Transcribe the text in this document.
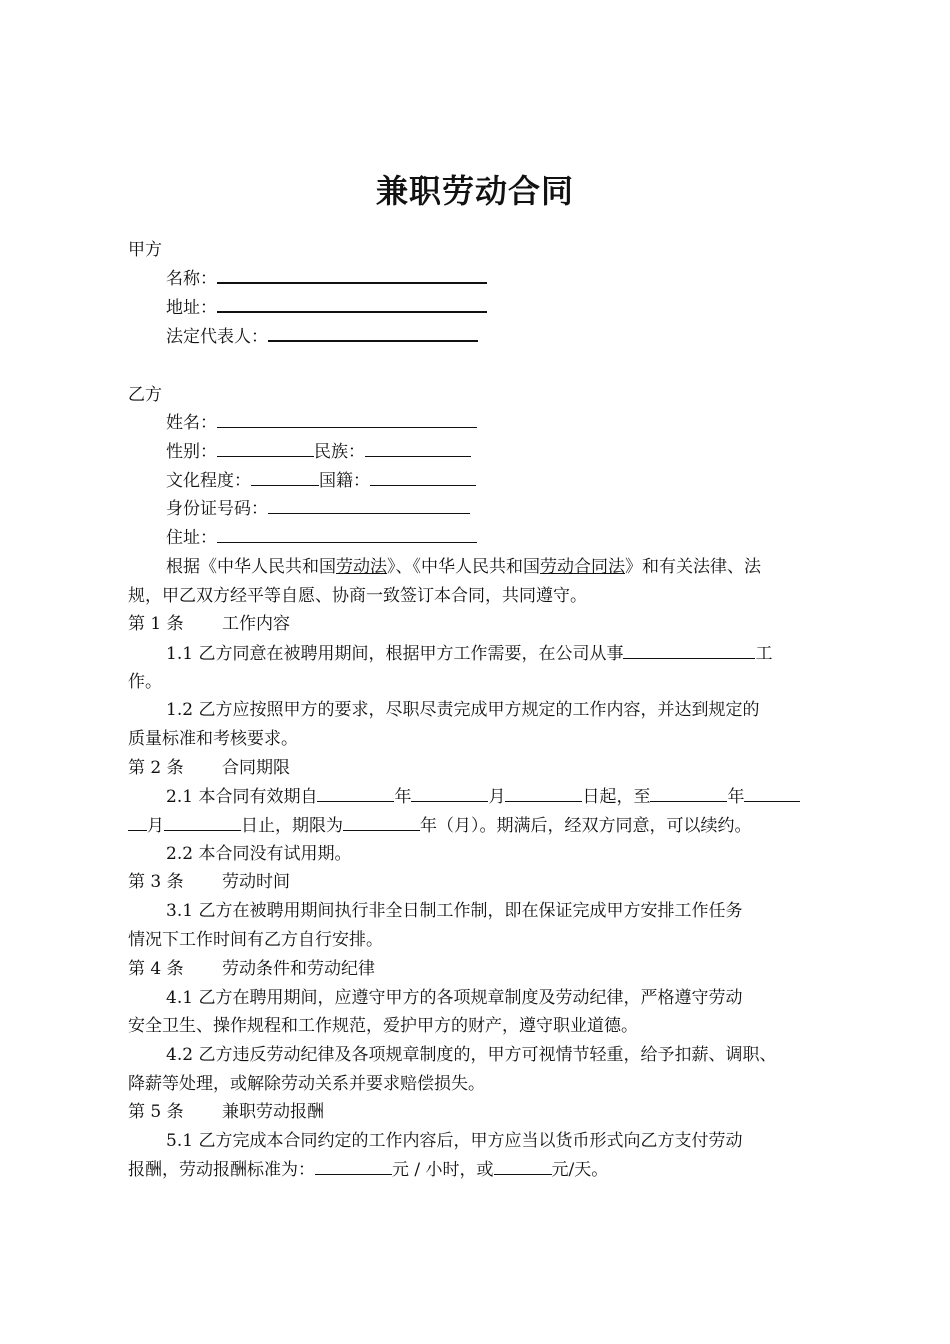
兼职劳动合同
甲方
名称：
地址：
法定代表人：
乙方
姓名：
性别：	民族：
文化程度：	国籍：
身份证号码：
住址：
根据《中华人民共和国劳动法》、《中华人民共和国劳动合同法》和有关法律、法
规，甲乙双方经平等自愿、协商一致签订本合同，共同遵守。
第 1 条 工作内容
1.1 乙方同意在被聘用期间，根据甲方工作需要，在公司从事	工
作。
1.2 乙方应按照甲方的要求，尽职尽责完成甲方规定的工作内容，并达到规定的
质量标准和考核要求。
第 2 条 合同期限
2.1 本合同有效期自	年	月	日起，至	年
月	日止，期限为	年（月）。期满后，经双方同意，可以续约。
2.2 本合同没有试用期。
第 3 条 劳动时间
3.1 乙方在被聘用期间执行非全日制工作制，即在保证完成甲方安排工作任务
情况下工作时间有乙方自行安排。
第 4 条 劳动条件和劳动纪律
4.1 乙方在聘用期间，应遵守甲方的各项规章制度及劳动纪律，严格遵守劳动
安全卫生、操作规程和工作规范，爱护甲方的财产，遵守职业道德。
4.2 乙方违反劳动纪律及各项规章制度的，甲方可视情节轻重，给予扣薪、调职、
降薪等处理，或解除劳动关系并要求赔偿损失。
第 5 条 兼职劳动报酬
5.1 乙方完成本合同约定的工作内容后，甲方应当以货币形式向乙方支付劳动
报酬，劳动报酬标准为：	元 / 小时，或	元/天。
